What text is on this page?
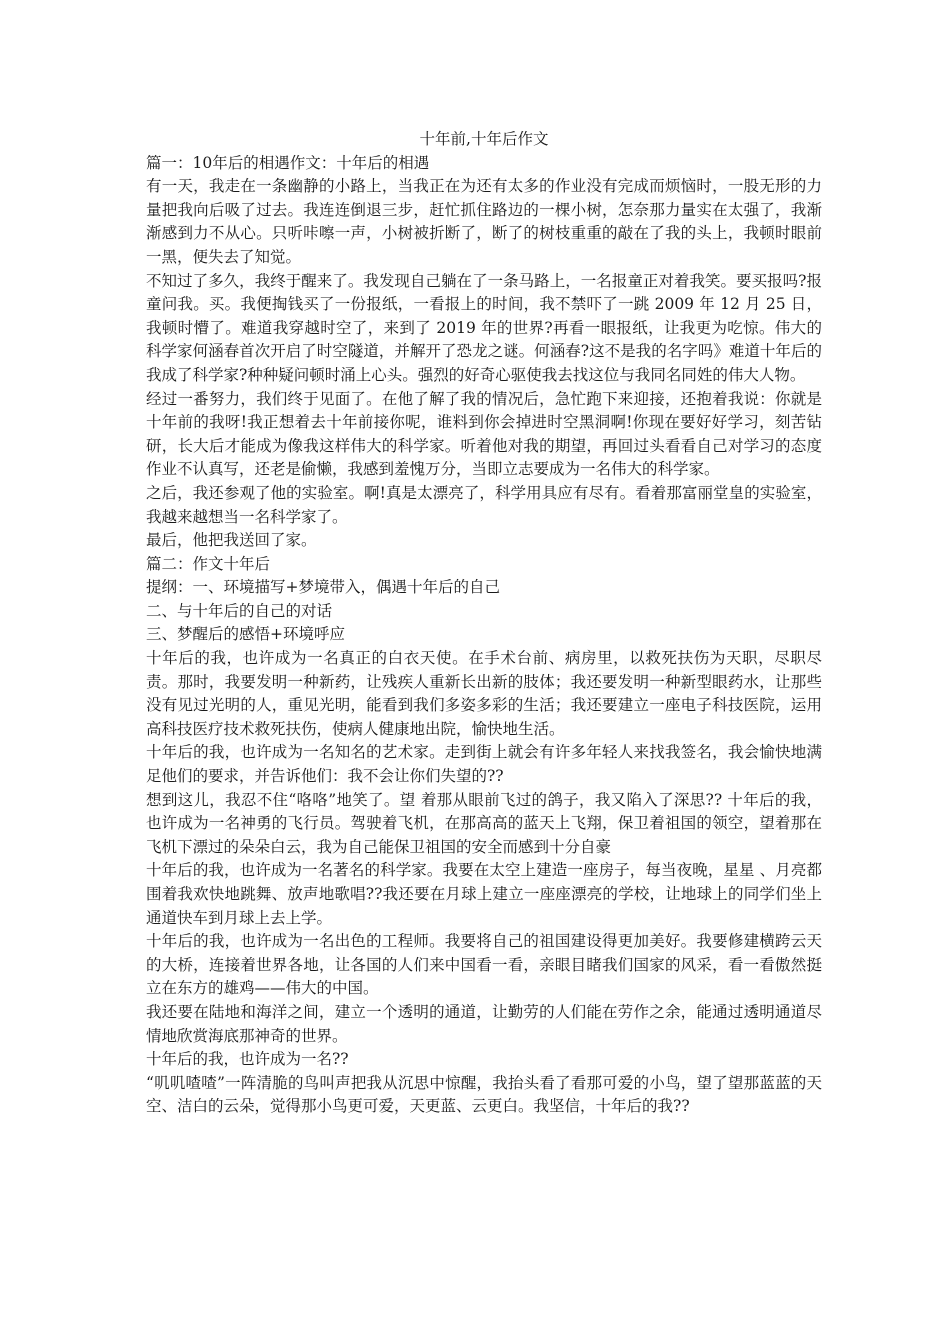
十年前,十年后作文

篇一：10年后的相遇作文：十年后的相遇

有一天，我走在一条幽静的小路上，当我正在为还有太多的作业没有完成而烦恼时，一股无形的力量把我向后吸了过去。我连连倒退三步，赶忙抓住路边的一棵小树，怎奈那力量实在太强了，我渐渐感到力不从心。只听咔嚓一声，小树被折断了，断了的树枝重重的敲在了我的头上，我顿时眼前一黑，便失去了知觉。

不知过了多久，我终于醒来了。我发现自己躺在了一条马路上，一名报童正对着我笑。要买报吗?报童问我。买。我便掏钱买了一份报纸，一看报上的时间，我不禁吓了一跳 2009 年 12 月 25 日，我顿时懵了。难道我穿越时空了，来到了 2019 年的世界?再看一眼报纸，让我更为吃惊。伟大的科学家何涵春首次开启了时空隧道，并解开了恐龙之谜。何涵春?这不是我的名字吗》难道十年后的我成了科学家?种种疑问顿时涌上心头。强烈的好奇心驱使我去找这位与我同名同姓的伟大人物。

经过一番努力，我们终于见面了。在他了解了我的情况后，急忙跑下来迎接，还抱着我说：你就是十年前的我呀!我正想着去十年前接你呢，谁料到你会掉进时空黑洞啊!你现在要好好学习，刻苦钻研，长大后才能成为像我这样伟大的科学家。听着他对我的期望，再回过头看看自己对学习的态度作业不认真写，还老是偷懒，我感到羞愧万分，当即立志要成为一名伟大的科学家。

之后，我还参观了他的实验室。啊!真是太漂亮了，科学用具应有尽有。看着那富丽堂皇的实验室，我越来越想当一名科学家了。

最后，他把我送回了家。

篇二：作文十年后

提纲：一、环境描写+梦境带入，偶遇十年后的自己

二、与十年后的自己的对话

三、梦醒后的感悟+环境呼应

十年后的我，也许成为一名真正的白衣天使。在手术台前、病房里，以救死扶伤为天职，尽职尽责。那时，我要发明一种新药，让残疾人重新长出新的肢体；我还要发明一种新型眼药水，让那些没有见过光明的人，重见光明，能看到我们多姿多彩的生活；我还要建立一座电子科技医院，运用高科技医疗技术救死扶伤，使病人健康地出院，愉快地生活。

十年后的我，也许成为一名知名的艺术家。走到街上就会有许多年轻人来找我签名，我会愉快地满足他们的要求，并告诉他们：我不会让你们失望的??

想到这儿，我忍不住“咯咯”地笑了。望 着那从眼前飞过的鸽子，我又陷入了深思?? 十年后的我，也许成为一名神勇的飞行员。驾驶着飞机，在那高高的蓝天上飞翔，保卫着祖国的领空，望着那在飞机下漂过的朵朵白云，我为自己能保卫祖国的安全而感到十分自豪

十年后的我，也许成为一名著名的科学家。我要在太空上建造一座房子，每当夜晚，星星 、月亮都围着我欢快地跳舞、放声地歌唱??我还要在月球上建立一座座漂亮的学校，让地球上的同学们坐上通道快车到月球上去上学。

十年后的我，也许成为一名出色的工程师。我要将自己的祖国建设得更加美好。我要修建横跨云天的大桥，连接着世界各地，让各国的人们来中国看一看，亲眼目睹我们国家的风采，看一看傲然挺立在东方的雄鸡——伟大的中国。

我还要在陆地和海洋之间，建立一个透明的通道，让勤劳的人们能在劳作之余，能通过透明通道尽情地欣赏海底那神奇的世界。

十年后的我，也许成为一名??

“叽叽喳喳”一阵清脆的鸟叫声把我从沉思中惊醒，我抬头看了看那可爱的小鸟，望了望那蓝蓝的天空、洁白的云朵，觉得那小鸟更可爱，天更蓝、云更白。我坚信，十年后的我??
